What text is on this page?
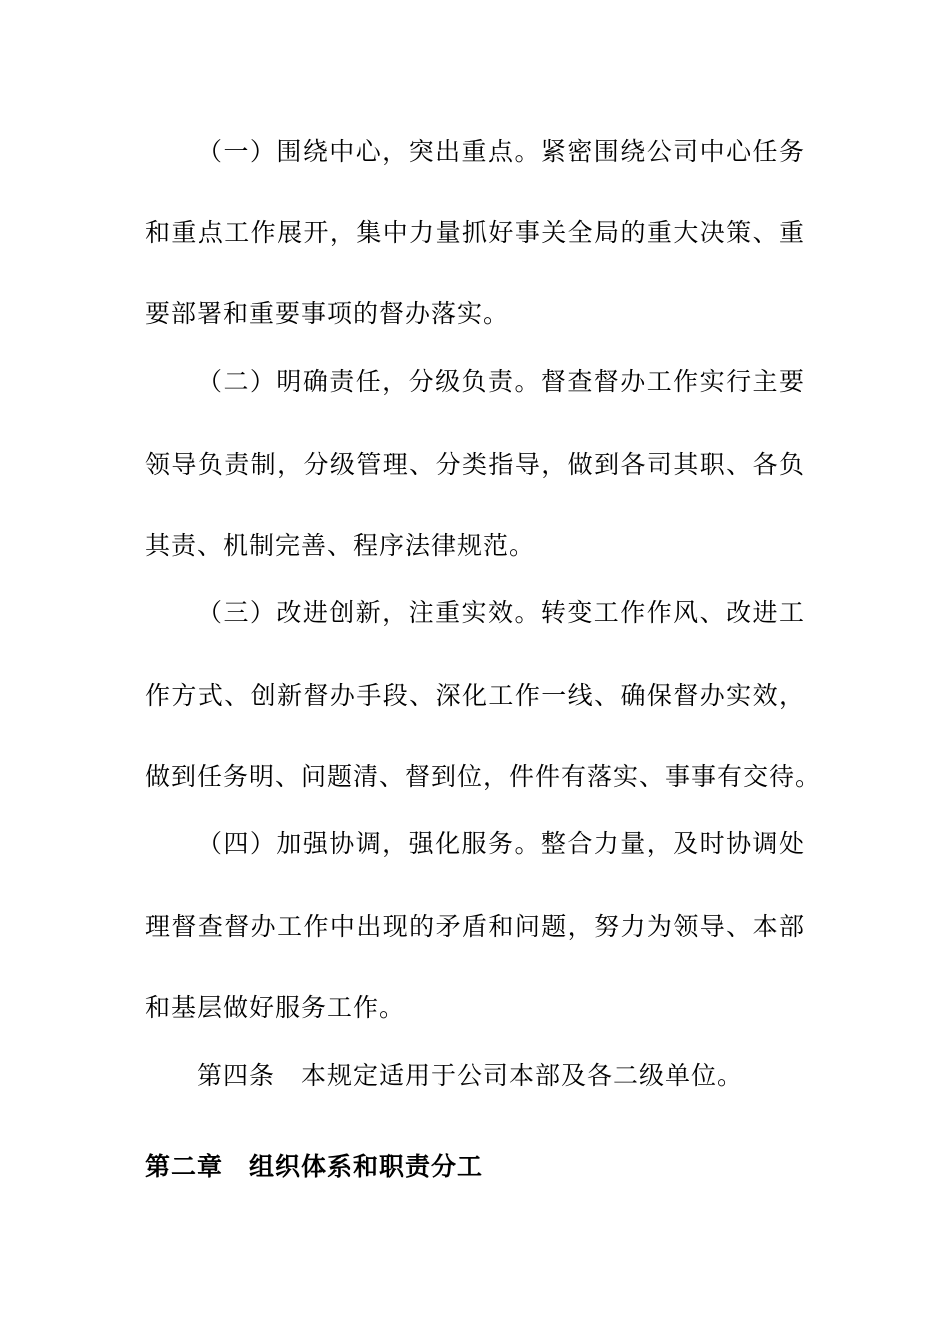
（一）围绕中心，突出重点。紧密围绕公司中心任务
和重点工作展开，集中力量抓好事关全局的重大决策、重
要部署和重要事项的督办落实。
（二）明确责任，分级负责。督查督办工作实行主要
领导负责制，分级管理、分类指导，做到各司其职、各负
其责、机制完善、程序法律规范。
（三）改进创新，注重实效。转变工作作风、改进工
作方式、创新督办手段、深化工作一线、确保督办实效，
做到任务明、问题清、督到位，件件有落实、事事有交待。
（四）加强协调，强化服务。整合力量，及时协调处
理督查督办工作中出现的矛盾和问题，努力为领导、本部
和基层做好服务工作。
第四条　本规定适用于公司本部及各二级单位。
第二章　组织体系和职责分工
